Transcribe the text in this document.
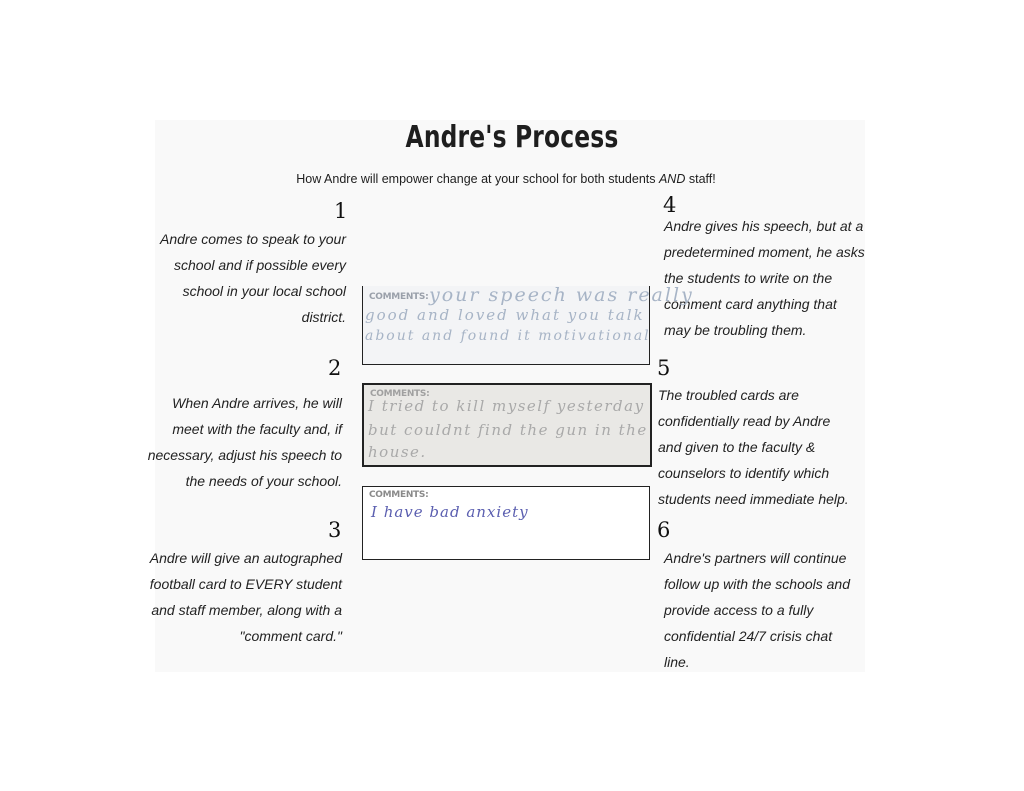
Andre's Process
How Andre will empower change at your school for both students AND staff!
1
Andre comes to speak to your
school and if possible every
school in your local school
district.
2
When Andre arrives, he will
meet with the faculty and, if
necessary, adjust his speech to
the needs of your school.
3
Andre will give an autographed
football card to EVERY student
and staff member, along with a
"comment card."
4
Andre gives his speech, but at a
predetermined moment, he asks
the students to write on the
comment card anything that
may be troubling them.
5
The troubled cards are
confidentially read by Andre
and given to the faculty &
counselors to identify which
students need immediate help.
6
Andre's partners will continue
follow up with the schools and
provide access to a fully
confidential 24/7 crisis chat
line.
COMMENTS: your speech was really
good and loved what you talk
about and found it motivational
COMMENTS:
I tried to kill myself yesterday
but couldnt find the gun in the
house.
COMMENTS:
I have bad anxiety
